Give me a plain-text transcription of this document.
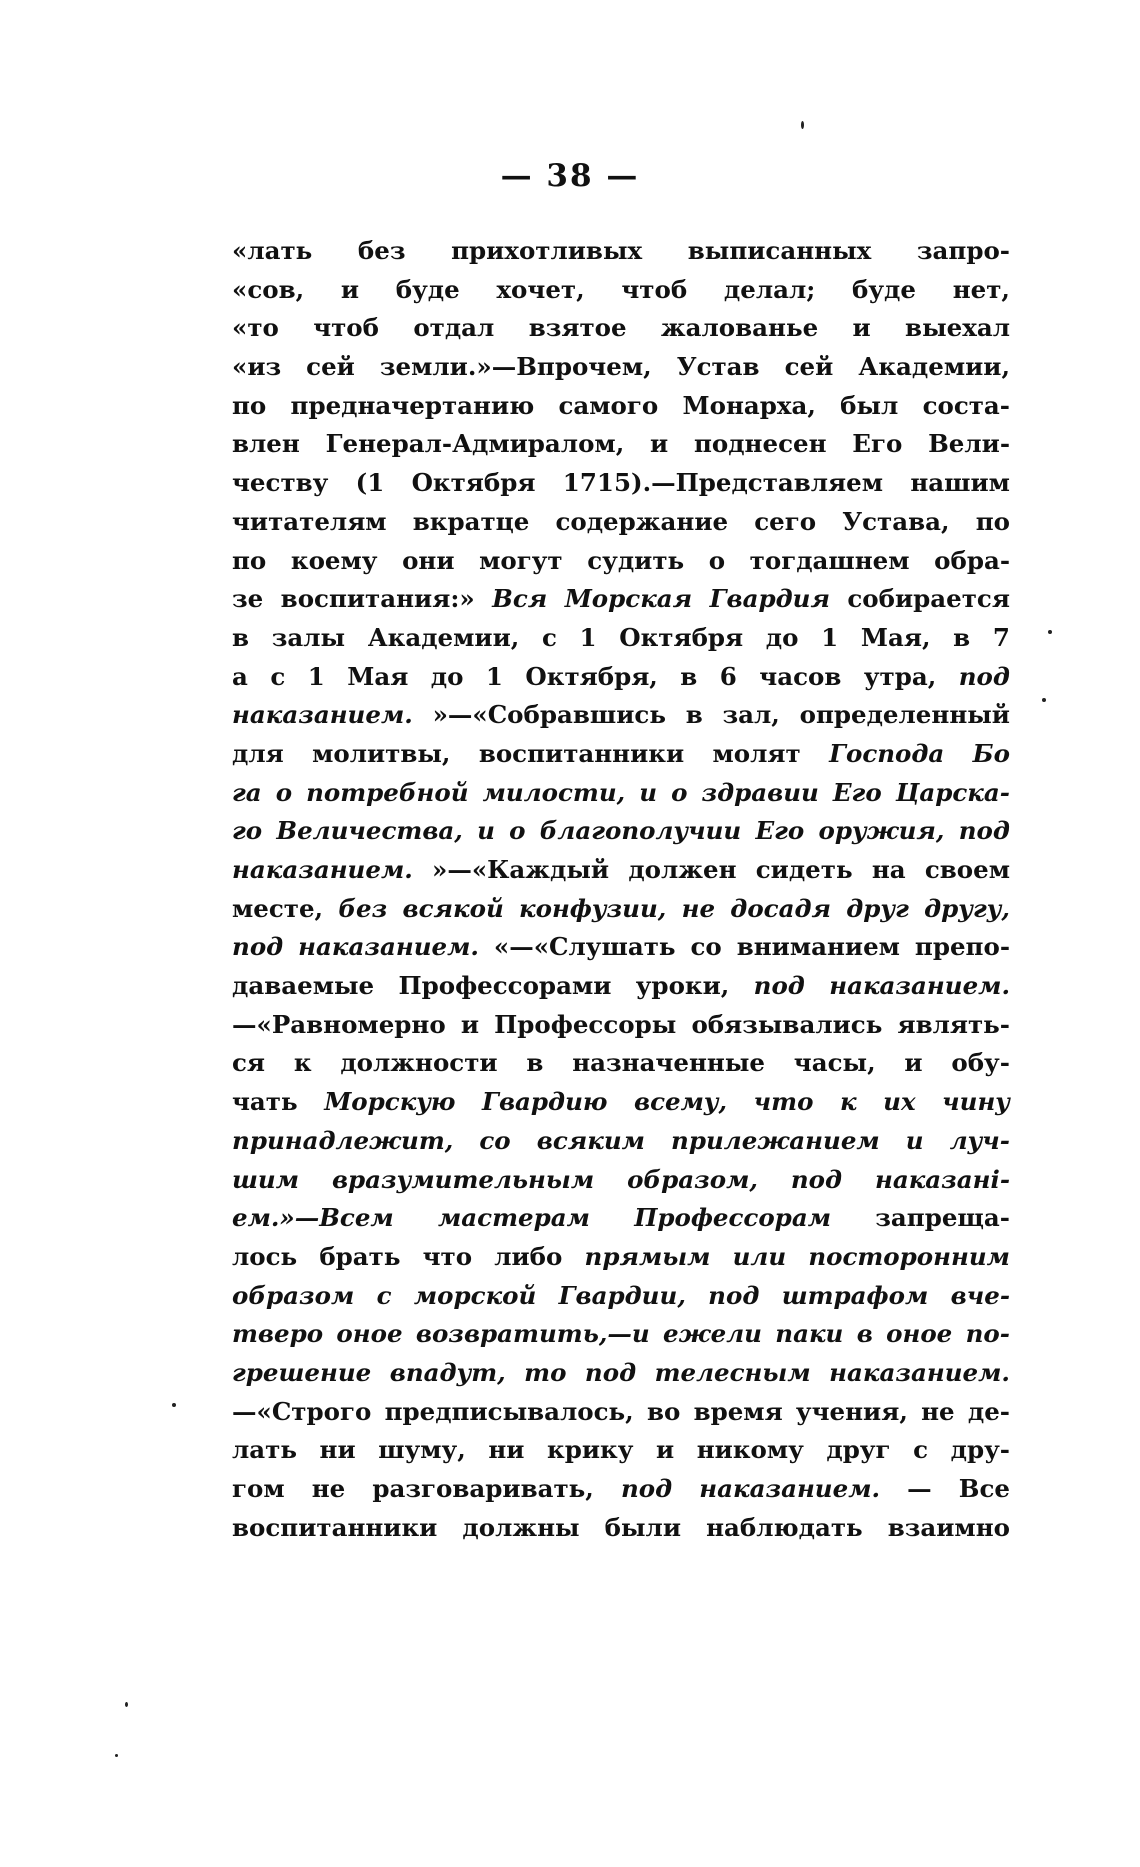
— 38 —
«лать без прихотливых выписанных запро-
«сов, и буде хочет, чтоб делал; буде нет,
«то чтоб отдал взятое жалованье и выехал
«из сей земли.»—Впрочем, Устав сей Академии,
по предначертанию самого Монарха, был соста-
влен Генерал-Адмиралом, и поднесен Его Вели-
честву (1 Октября 1715).—Представляем нашим
читателям вкратце содержание сего Устава, по
по коему они могут судить о тогдашнем обра-
зе воспитания:» Вся Морская Гвардия собирается
в залы Академии, с 1 Октября до 1 Мая, в 7
а с 1 Мая до 1 Октября, в 6 часов утра, под
наказанием. »—«Собравшись в зал, определенный
для молитвы, воспитанники молят Господа Бо
га о потребной милости, и о здравии Его Царска-
го Величества, и о благополучии Его оружия, под
наказанием. »—«Каждый должен сидеть на своем
месте, без всякой конфузии, не досадя друг другу,
под наказанием. «—«Слушать со вниманием препо-
даваемые Профессорами уроки, под наказанием.
—«Равномерно и Профессоры обязывались являть-
ся к должности в назначенные часы, и обу-
чать Морскую Гвардию всему, что к их чину
принадлежит, со всяким прилежанием и луч-
шим вразумительным образом, под наказані-
ем.»—Всем мастерам Профессорам запреща-
лось брать что либо прямым или посторонним
образом с морской Гвардии, под штрафом вче-
тверо оное возвратить,—и ежели паки в оное по-
грешение впадут, то под телесным наказанием.
—«Строго предписывалось, во время учения, не де-
лать ни шуму, ни крику и никому друг с дру-
гом не разговаривать, под наказанием. — Все
воспитанники должны были наблюдать взаимно
